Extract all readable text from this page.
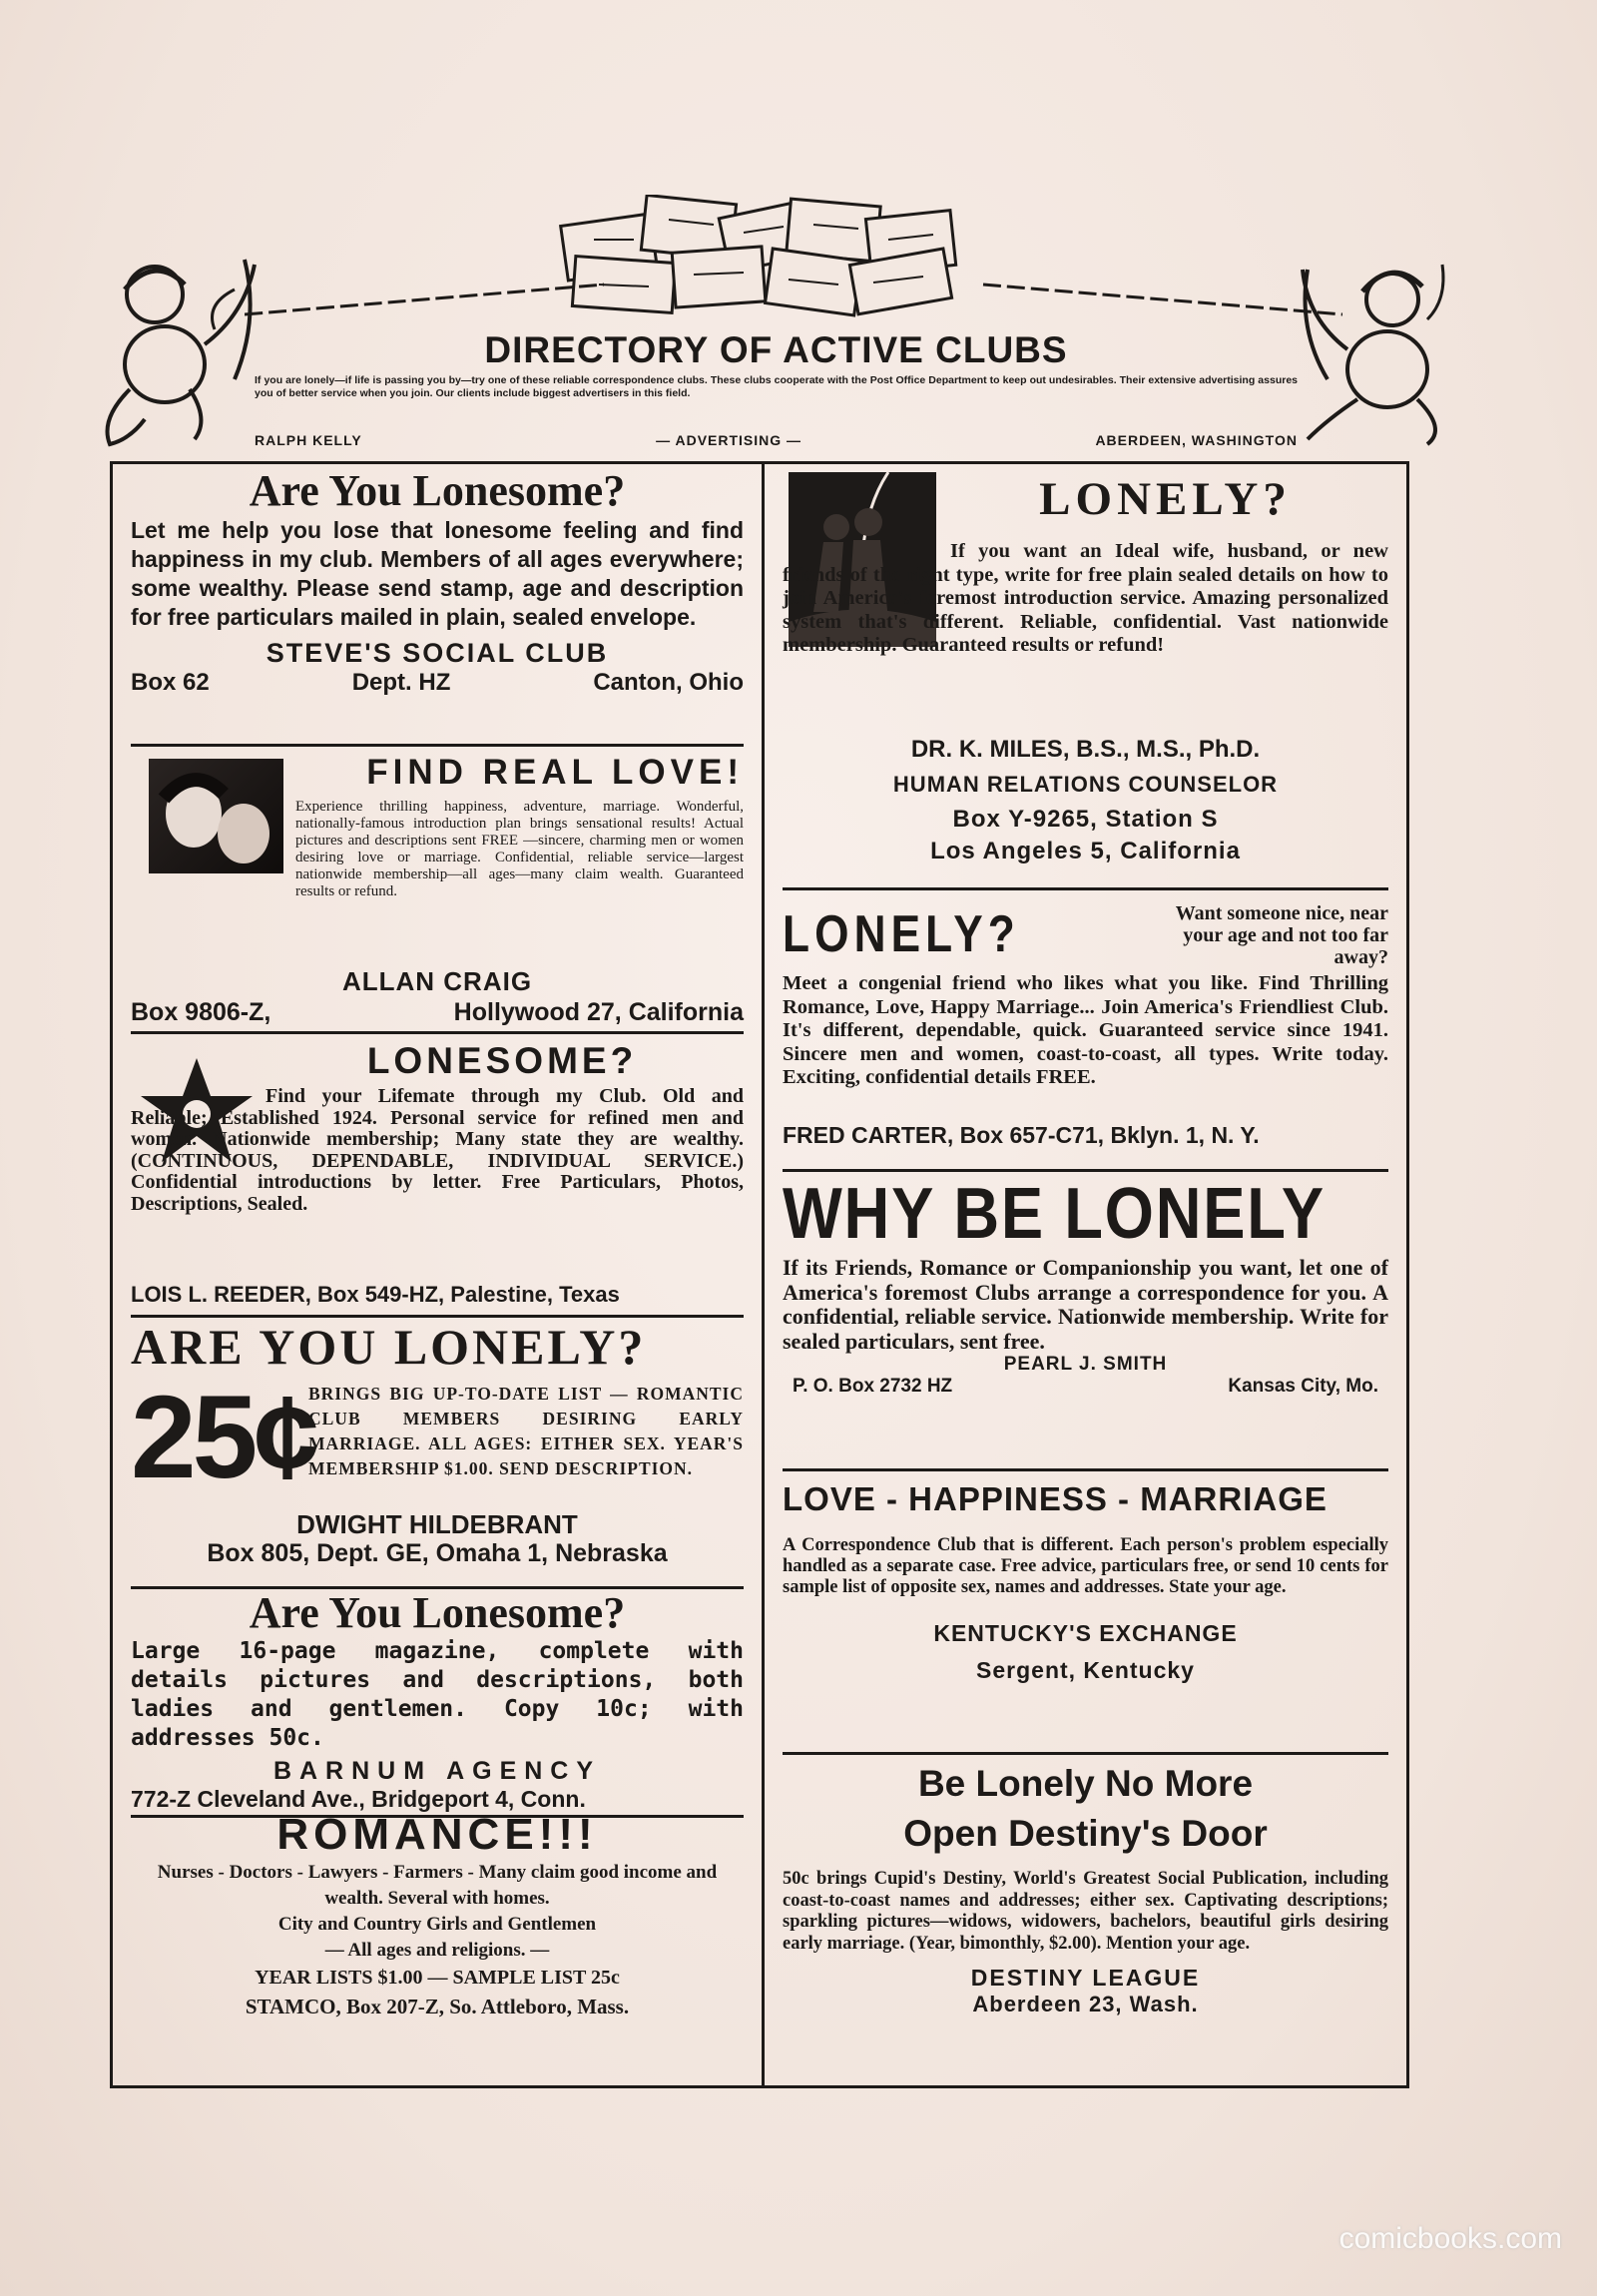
DIRECTORY OF ACTIVE CLUBS
If you are lonely—if life is passing you by—try one of these reliable correspondence clubs. These clubs cooperate with the Post Office Department to keep out undesirables. Their extensive advertising assures you of better service when you join. Our clients include biggest advertisers in this field.
RALPH KELLY	— ADVERTISING —	ABERDEEN, WASHINGTON
Are You Lonesome?
Let me help you lose that lonesome feeling and find happiness in my club. Members of all ages everywhere; some wealthy. Please send stamp, age and description for free particulars mailed in plain, sealed envelope.
STEVE'S SOCIAL CLUB
Box 62	Dept. HZ	Canton, Ohio
FIND REAL LOVE!
Experience thrilling happiness, adventure, marriage. Wonderful, nationally-famous introduction plan brings sensational results! Actual pictures and descriptions sent FREE —sincere, charming men or women desiring love or marriage. Confidential, reliable service—largest nationwide membership—all ages—many claim wealth. Guaranteed results or refund.
ALLAN CRAIG
Box 9806-Z,	Hollywood 27, California
LONESOME?
Find your Lifemate through my Club. Old and Reliable; Established 1924. Personal service for refined men and women. Nationwide membership; Many state they are wealthy. (CONTINUOUS, DEPENDABLE, INDIVIDUAL SERVICE.) Confidential introductions by letter. Free Particulars, Photos, Descriptions, Sealed.
LOIS L. REEDER, Box 549-HZ, Palestine, Texas
ARE YOU LONELY?
25¢
BRINGS BIG UP-TO-DATE LIST — ROMANTIC CLUB MEMBERS DESIRING EARLY MARRIAGE. ALL AGES: EITHER SEX. YEAR'S MEMBERSHIP $1.00. SEND DESCRIPTION.
DWIGHT HILDEBRANT
Box 805, Dept. GE, Omaha 1, Nebraska
Are You Lonesome?
Large 16-page magazine, complete with details pictures and descriptions, both ladies and gentlemen. Copy 10c; with addresses 50c.
BARNUM AGENCY
772-Z Cleveland Ave., Bridgeport 4, Conn.
ROMANCE!!!
Nurses - Doctors - Lawyers - Farmers - Many claim good income and wealth. Several with homes.
City and Country Girls and Gentlemen
— All ages and religions. —
YEAR LISTS $1.00 — SAMPLE LIST 25c
STAMCO, Box 207-Z, So. Attleboro, Mass.
LONELY?
If you want an Ideal wife, husband, or new friends of the right type, write for free plain sealed details on how to join America's foremost introduction service. Amazing personalized system that's different. Reliable, confidential. Vast nationwide membership. Guaranteed results or refund!
DR. K. MILES, B.S., M.S., Ph.D.
HUMAN RELATIONS COUNSELOR
Box Y-9265, Station S
Los Angeles 5, California
LONELY?	Want someone nice, near your age and not too far away?
Meet a congenial friend who likes what you like. Find Thrilling Romance, Love, Happy Marriage... Join America's Friendliest Club. It's different, dependable, quick. Guaranteed service since 1941. Sincere men and women, coast-to-coast, all types. Write today. Exciting, confidential details FREE.
FRED CARTER, Box 657-C71, Bklyn. 1, N. Y.
WHY BE LONELY
If its Friends, Romance or Companionship you want, let one of America's foremost Clubs arrange a correspondence for you. A confidential, reliable service. Nationwide membership. Write for sealed particulars, sent free.
PEARL J. SMITH
P. O. Box 2732 HZ	Kansas City, Mo.
LOVE - HAPPINESS - MARRIAGE
A Correspondence Club that is different. Each person's problem especially handled as a separate case. Free advice, particulars free, or send 10 cents for sample list of opposite sex, names and addresses. State your age.
KENTUCKY'S EXCHANGE
Sergent, Kentucky
Be Lonely No More
Open Destiny's Door
50c brings Cupid's Destiny, World's Greatest Social Publication, including coast-to-coast names and addresses; either sex. Captivating descriptions; sparkling pictures—widows, widowers, bachelors, beautiful girls desiring early marriage. (Year, bimonthly, $2.00). Mention your age.
DESTINY LEAGUE
Aberdeen 23, Wash.
comicbooks.com
